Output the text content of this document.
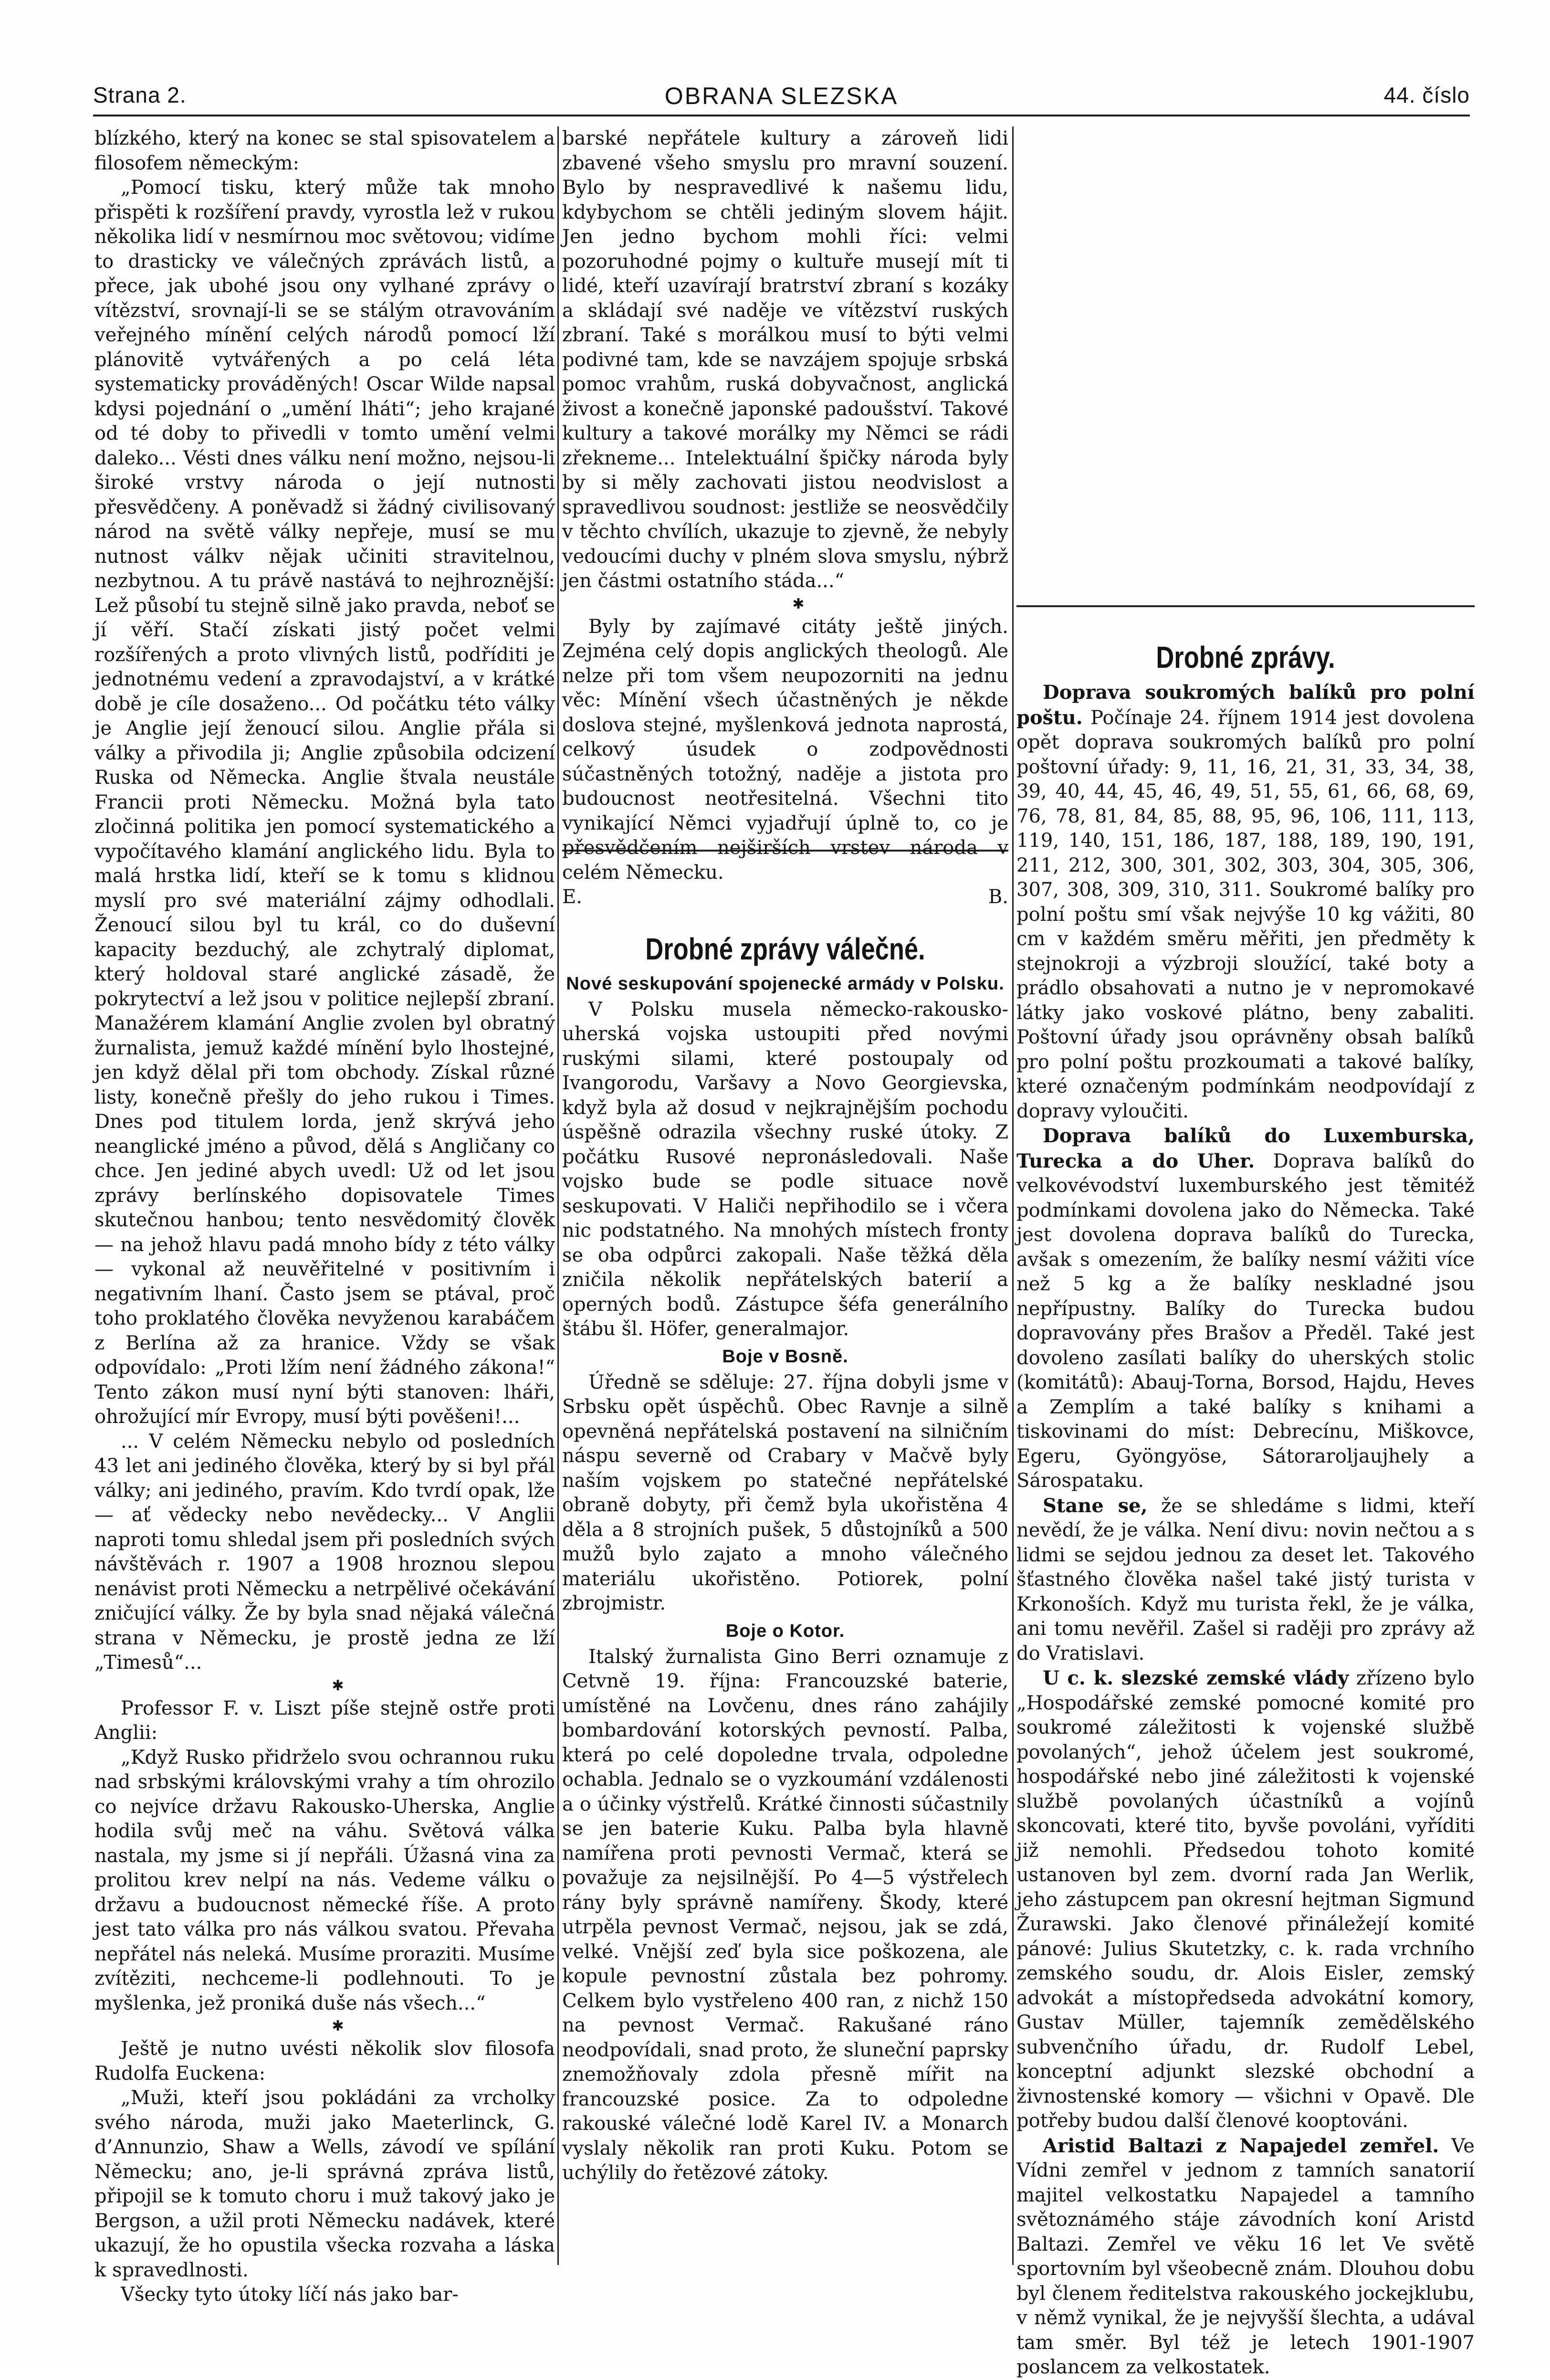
Strana 2.	OBRANA SLEZSKA	44. číslo

blízkého, který na konec se stal spisovatelem a filosofem německým:

„Pomocí tisku, který může tak mnoho přispěti k rozšíření pravdy, vyrostla lež v rukou několika lidí v nesmírnou moc světovou; vidíme to drasticky ve válečných zprávách listů, a přece, jak ubohé jsou ony vylhané zprávy o vítězství, srovnají-li se se stálým otravováním veřejného mínění celých národů pomocí lží plánovitě vytvářených a po celá léta systematicky prováděných! Oscar Wilde napsal kdysi pojednání o „umění lháti“; jeho krajané od té doby to přivedli v tomto umění velmi daleko... Vésti dnes válku není možno, nejsou-li široké vrstvy národa o její nutnosti přesvědčeny. A poněvadž si žádný civilisovaný národ na světě války nepřeje, musí se mu nutnost válkv nějak učiniti stravitelnou, nezbytnou. A tu právě nastává to nejhroznější: Lež působí tu stejně silně jako pravda, neboť se jí věří. Stačí získati jistý počet velmi rozšířených a proto vlivných listů, podříditi je jednotnému vedení a zpravodajství, a v krátké době je cíle dosaženo... Od počátku této války je Anglie její ženoucí silou. Anglie přála si války a přivodila ji; Anglie způsobila odcizení Ruska od Německa. Anglie štvala neustále Francii proti Německu. Možná byla tato zločinná politika jen pomocí systematického a vypočítavého klamání anglického lidu. Byla to malá hrstka lidí, kteří se k tomu s klidnou myslí pro své materiální zájmy odhodlali. Ženoucí silou byl tu král, co do duševní kapacity bezduchý, ale zchytralý diplomat, který holdoval staré anglické zásadě, že pokrytectví a lež jsou v politice nejlepší zbraní. Manažérem klamání Anglie zvolen byl obratný žurnalista, jemuž každé mínění bylo lhostejné, jen když dělal při tom obchody. Získal různé listy, konečně přešly do jeho rukou i Times. Dnes pod titulem lorda, jenž skrývá jeho neanglické jméno a původ, dělá s Angličany co chce. Jen jediné abych uvedl: Už od let jsou zprávy berlínského dopisovatele Times skutečnou hanbou; tento nesvědomitý člověk — na jehož hlavu padá mnoho bídy z této války — vykonal až neuvěřitelné v positivním i negativním lhaní. Často jsem se ptával, proč toho proklatého člověka nevyženou karabáčem z Berlína až za hranice. Vždy se však odpovídalo: „Proti lžím není žádného zákona!“ Tento zákon musí nyní býti stanoven: lháři, ohrožující mír Evropy, musí býti pověšeni!...

... V celém Německu nebylo od posledních 43 let ani jediného člověka, který by si byl přál války; ani jediného, pravím. Kdo tvrdí opak, lže — ať vědecky nebo nevědecky... V Anglii naproti tomu shledal jsem při posledních svých návštěvách r. 1907 a 1908 hroznou slepou nenávist proti Německu a netrpělivé očekávání zničující války. Že by byla snad nějaká válečná strana v Německu, je prostě jedna ze lží „Timesů“...

✱

Professor F. v. Liszt píše stejně ostře proti Anglii:

„Když Rusko přidrželo svou ochrannou ruku nad srbskými královskými vrahy a tím ohrozilo co nejvíce državu Rakousko-Uherska, Anglie hodila svůj meč na váhu. Světová válka nastala, my jsme si jí nepřáli. Úžasná vina za prolitou krev nelpí na nás. Vedeme válku o državu a budoucnost německé říše. A proto jest tato válka pro nás válkou svatou. Převaha nepřátel nás neleká. Musíme proraziti. Musíme zvítěziti, nechceme-li podlehnouti. To je myšlenka, jež proniká duše nás všech...“

✱

Ještě je nutno uvésti několik slov filosofa Rudolfa Euckena:

„Muži, kteří jsou pokládáni za vrcholky svého národa, muži jako Maeterlinck, G. d’Annunzio, Shaw a Wells, závodí ve spílání Německu; ano, je-li správná zpráva listů, připojil se k tomuto choru i muž takový jako je Bergson, a užil proti Německu nadávek, které ukazují, že ho opustila všecka rozvaha a láska k spravedlnosti.

Všecky tyto útoky líčí nás jako bar-

barské nepřátele kultury a zároveň lidi zbavené všeho smyslu pro mravní souzení. Bylo by nespravedlivé k našemu lidu, kdybychom se chtěli jediným slovem hájit. Jen jedno bychom mohli říci: velmi pozoruhodné pojmy o kultuře musejí mít ti lidé, kteří uzavírají bratrství zbraní s kozáky a skládají své naděje ve vítězství ruských zbraní. Také s morálkou musí to býti velmi podivné tam, kde se navzájem spojuje srbská pomoc vrahům, ruská dobyvačnost, anglická živost a konečně japonské padoušství. Takové kultury a takové morálky my Němci se rádi zřekneme... Intelektuální špičky národa byly by si měly zachovati jistou neodvislost a spravedlivou soudnost: jestliže se neosvědčily v těchto chvílích, ukazuje to zjevně, že nebyly vedoucími duchy v plném slova smyslu, nýbrž jen částmi ostatního stáda...“

✱

Byly by zajímavé citáty ještě jiných. Zejména celý dopis anglických theologů. Ale nelze při tom všem neupozorniti na jednu věc: Mínění všech účastněných je někde doslova stejné, myšlenková jednota naprostá, celkový úsudek o zodpovědnosti súčastněných totožný, naděje a jistota pro budoucnost neotřesitelná. Všechni tito vynikající Němci vyjadřují úplně to, co je přesvědčením nejširších vrstev národa v celém Německu.

E. B.

Drobné zprávy válečné.
Nové seskupování spojenecké armády v Polsku.

V Polsku musela německo-rakousko-uherská vojska ustoupiti před novými ruskými silami, které postoupaly od Ivangorodu, Varšavy a Novo Georgievska, když byla až dosud v nejkrajnějším pochodu úspěšně odrazila všechny ruské útoky. Z počátku Rusové nepronásledovali. Naše vojsko bude se podle situace nově seskupovati. V Haliči nepřihodilo se i včera nic podstatného. Na mnohých místech fronty se oba odpůrci zakopali. Naše těžká děla zničila několik nepřátelských baterií a operných bodů. Zástupce šéfa generálního štábu šl. Höfer, generalmajor.

Boje v Bosně.

Úředně se sděluje: 27. října dobyli jsme v Srbsku opět úspěchů. Obec Ravnje a silně opevněná nepřátelská postavení na silničním náspu severně od Crabary v Mačvě byly naším vojskem po statečné nepřátelské obraně dobyty, při čemž byla ukořistěna 4 děla a 8 strojních pušek, 5 důstojníků a 500 mužů bylo zajato a mnoho válečného materiálu ukořistěno. Potiorek, polní zbrojmistr.

Boje o Kotor.

Italský žurnalista Gino Berri oznamuje z Cetvně 19. října: Francouzské baterie, umístěné na Lovčenu, dnes ráno zahájily bombardování kotorských pevností. Palba, která po celé dopoledne trvala, odpoledne ochabla. Jednalo se o vyzkoumání vzdálenosti a o účinky výstřelů. Krátké činnosti súčastnily se jen baterie Kuku. Palba byla hlavně namířena proti pevnosti Vermač, která se považuje za nejsilnější. Po 4—5 výstřelech rány byly správně namířeny. Škody, které utrpěla pevnost Vermač, nejsou, jak se zdá, velké. Vnější zeď byla sice poškozena, ale kopule pevnostní zůstala bez pohromy. Celkem bylo vystřeleno 400 ran, z nichž 150 na pevnost Vermač. Rakušané ráno neodpovídali, snad proto, že sluneční paprsky znemožňovaly zdola přesně mířit na francouzské posice. Za to odpoledne rakouské válečné lodě Karel IV. a Monarch vyslaly několik ran proti Kuku. Potom se uchýlily do řetězové zátoky.

Drobné zprávy.

Doprava soukromých balíků pro polní poštu. Počínaje 24. říjnem 1914 jest dovolena opět doprava soukromých balíků pro polní poštovní úřady: 9, 11, 16, 21, 31, 33, 34, 38, 39, 40, 44, 45, 46, 49, 51, 55, 61, 66, 68, 69, 76, 78, 81, 84, 85, 88, 95, 96, 106, 111, 113, 119, 140, 151, 186, 187, 188, 189, 190, 191, 211, 212, 300, 301, 302, 303, 304, 305, 306, 307, 308, 309, 310, 311. Soukromé balíky pro polní poštu smí však nejvýše 10 kg vážiti, 80 cm v každém směru měřiti, jen předměty k stejnokroji a výzbroji sloužící, také boty a prádlo obsahovati a nutno je v nepromokavé látky jako voskové plátno, beny zabaliti. Poštovní úřady jsou oprávněny obsah balíků pro polní poštu prozkoumati a takové balíky, které označeným podmínkám neodpovídají z dopravy vyloučiti.

Doprava balíků do Luxemburska, Turecka a do Uher. Doprava balíků do velkovévodství luxemburského jest těmitéž podmínkami dovolena jako do Německa. Také jest dovolena doprava balíků do Turecka, avšak s omezením, že balíky nesmí vážiti více než 5 kg a že balíky neskladné jsou nepřípustny. Balíky do Turecka budou dopravovány přes Brašov a Předěl. Také jest dovoleno zasílati balíky do uherských stolic (komitátů): Abauj-Torna, Borsod, Hajdu, Heves a Zemplím a také balíky s knihami a tiskovinami do míst: Debrecínu, Miškovce, Egeru, Gyöngyöse, Sátoraroljaujhely a Sárospataku.

Stane se, že se shledáme s lidmi, kteří nevědí, že je válka. Není divu: novin nečtou a s lidmi se sejdou jednou za deset let. Takového šťastného člověka našel také jistý turista v Krkonoších. Když mu turista řekl, že je válka, ani tomu nevěřil. Zašel si raději pro zprávy až do Vratislavi.

U c. k. slezské zemské vlády zřízeno bylo „Hospodářské zemské pomocné komité pro soukromé záležitosti k vojenské službě povolaných“, jehož účelem jest soukromé, hospodářské nebo jiné záležitosti k vojenské službě povolaných účastníků a vojínů skoncovati, které tito, byvše povoláni, vyříditi již nemohli. Předsedou tohoto komité ustanoven byl zem. dvorní rada Jan Werlik, jeho zástupcem pan okresní hejtman Sigmund Žurawski. Jako členové přináležejí komité pánové: Julius Skutetzky, c. k. rada vrchního zemského soudu, dr. Alois Eisler, zemský advokát a místopředseda advokátní komory, Gustav Müller, tajemník zemědělského subvenčního úřadu, dr. Rudolf Lebel, konceptní adjunkt slezské obchodní a živnostenské komory — všichni v Opavě. Dle potřeby budou další členové kooptováni.

Aristid Baltazi z Napajedel zemřel. Ve Vídni zemřel v jednom z tamních sanatorií majitel velkostatku Napajedel a tamního světoznámého stáje závodních koní Aristd Baltazi. Zemřel ve věku 16 let Ve světě sportovním byl všeobecně znám. Dlouhou dobu byl členem ředitelstva rakouského jockejklubu, v němž vynikal, že je nejvyšší šlechta, a udával tam směr. Byl též je letech 1901-1907 poslancem za velkostatek.
